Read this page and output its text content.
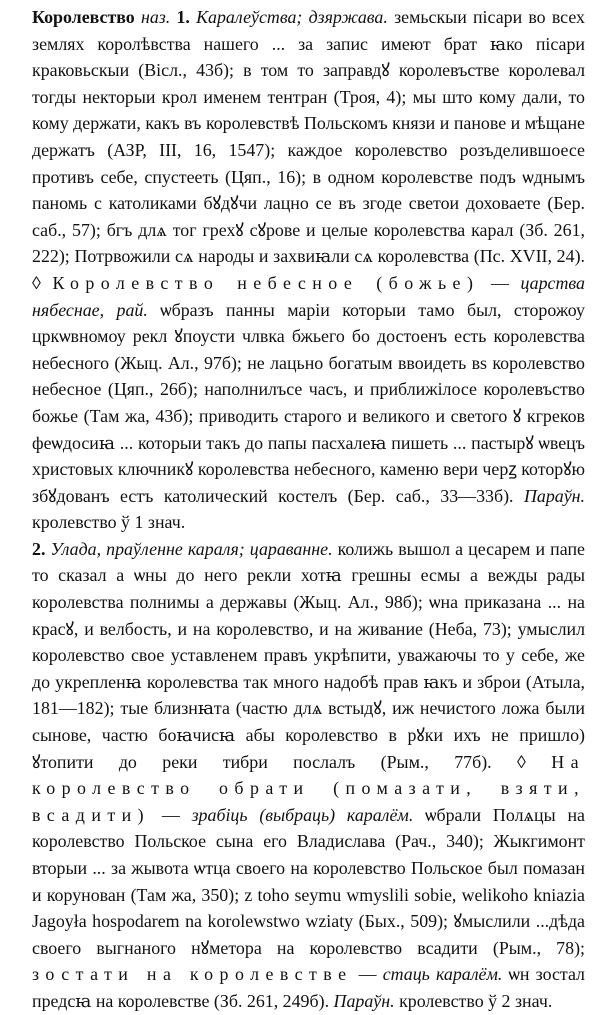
Королевство наз. 1. Каралеўства; дзяржава. земьскыи пісари во всех землях королѣвства нашего ... за запис имеют брат ꙗко пісари краковьскыи (Вісл., 43б); в том то заправдꙋ королевъстве королевал тогды некторыи крол именем тентран (Троя, 4); мы што кому дали, то кому держати, какъ въ королевствѣ Польскомъ князи и панове и мѣщане держатъ (АЗР, III, 16, 1547); каждое королевство розъделившоесе противъ себе, спустееть (Цяп., 16); в одном королевстве подъ ѡднымъ паномь с католиками бꙋдꙋчи лацно се въ згоде светои доховаете (Бер. саб., 57); бгъ длѧ тог грехꙋ сꙋрове и целые королевства карал (Зб. 261, 222); Потрвожили сѧ народы и захвиꙗли сѧ королевства (Пс. XVII, 24). ◊ Королевство небесное (божье) — царства нябеснае, рай. ѡбразъ панны маріи которыи тамо был, сторожоу цркѡвномоу рекл ꙋпоусти члвка бжьего бо достоенъ есть королевства небесного (Жыц. Ал., 97б); не лацьно богатым ввоидеть вs королевство небесное (Цяп., 26б); наполнилъсе часъ, и приближілосе королевъство божье (Там жа, 43б); приводить старого и великого и светого ꙋ кгреков феѡдосиꙗ ... которыи такъ до папы пасхалеꙗ пишеть ... пастырꙋ ѡвецъ христовых ключникꙋ королевства небесного, каменю вери черꙁ которꙋю збꙋдованъ естъ католический костелъ (Бер. саб., 33—33б). Параўн. кролевство ў 1 знач.

2. Улада, праўленне караля; цараванне. колижь вышол а цесарем и папе то сказал а ѡны до него рекли хотꙗ грешны есмы а вежды рады королевства полнимы а державы (Жыц. Ал., 98б); ѡна приказана ... на красꙋ, и велбость, и на королевство, и на живание (Неба, 73); умыслил королевство свое уставленем правъ укрѣпити, уважаючы то у себе, же до укрепленꙗ королевства так много надобѣ прав ꙗкъ и збрoи (Атыла, 181—182); тые близнꙗта (частю длѧ встыдꙋ, иж нечистого ложа были сынове, частю боꙗчисꙗ абы королевство в рꙋки ихъ не пришло) ꙋтопити до реки тибри послалъ (Рым., 77б). ◊ На королевство обрати (помазати, взяти, всадити) — зрабіць (выбраць) каралём. ѡбрали Полѧцы на королевство Польское сына его Владислава (Рач., 340); Жыкгимонт вторыи ... за жывота ѡтца своего на королевство Польское был помазан и корунован (Там жа, 350); z toho seymu wmyslili sobie, welikoho kniazia Jagoyła hospodarem na korolewstwo wziaty (Бых., 509); ꙋмыслили ...дѣда своего выгнаного нꙋметора на королевство всадити (Рым., 78); зостати на королевстве — стаць каралём. ѡн зостал предсꙗ на королевстве (Зб. 261, 249б). Параўн. кролевство ў 2 знач.
